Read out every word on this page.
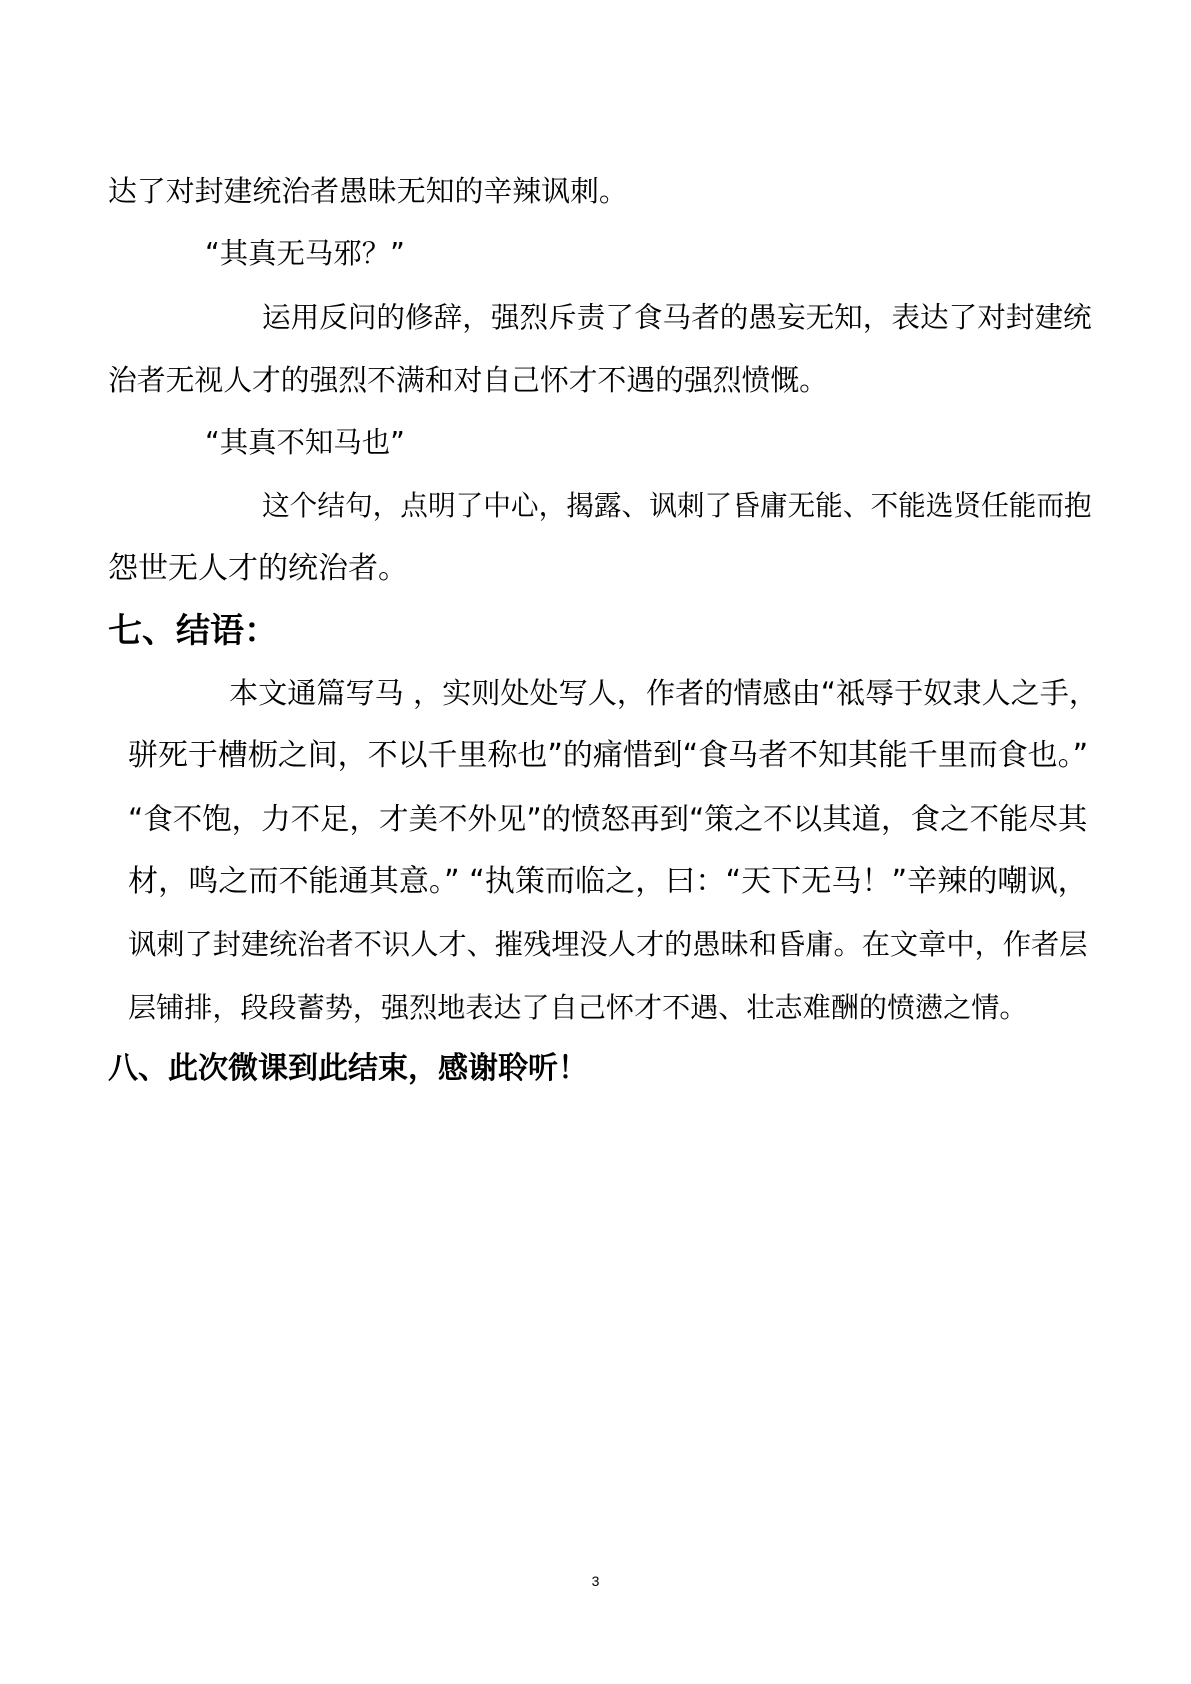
达了对封建统治者愚昧无知的辛辣讽刺。
“其真无马邪？”
运用反问的修辞，强烈斥责了食马者的愚妄无知，表达了对封建统
治者无视人才的强烈不满和对自己怀才不遇的强烈愤慨。
“其真不知马也”
这个结句，点明了中心，揭露、讽刺了昏庸无能、不能选贤任能而抱
怨世无人才的统治者。
七、结语：
本文通篇写马 ，实则处处写人，作者的情感由“祗辱于奴隶人之手，
骈死于槽枥之间，不以千里称也”的痛惜到“食马者不知其能千里而食也。”
“食不饱，力不足，才美不外见”的愤怒再到“策之不以其道，食之不能尽其
材，鸣之而不能通其意。” “执策而临之，曰：“天下无马！”辛辣的嘲讽，
讽刺了封建统治者不识人才、摧残埋没人才的愚昧和昏庸。在文章中，作者层
层铺排，段段蓄势，强烈地表达了自己怀才不遇、壮志难酬的愤懑之情。
八、此次微课到此结束，感谢聆听！
3
